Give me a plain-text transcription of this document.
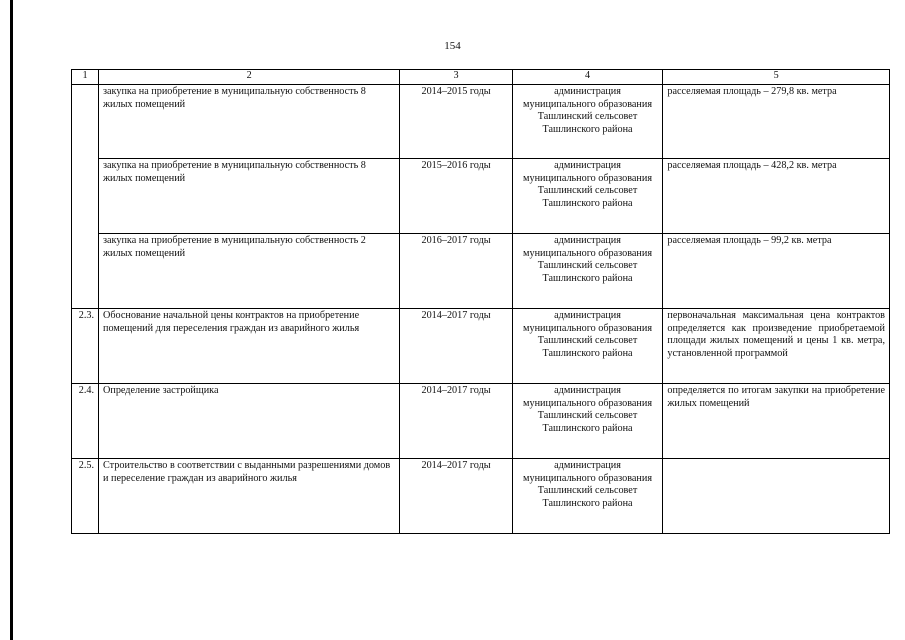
154
1	2	3	4	5
	закупка на приобретение в муниципальную собственность 8 жилых помещений	2014–2015 годы	администрация муниципального образования Ташлинский сельсовет Ташлинского района	расселяемая площадь – 279,8 кв. метра
	закупка на приобретение в муниципальную собственность 8 жилых помещений	2015–2016 годы	администрация муниципального образования Ташлинский сельсовет Ташлинского района	расселяемая площадь – 428,2 кв. метра
	закупка на приобретение в муниципальную собственность 2 жилых помещений	2016–2017 годы	администрация муниципального образования Ташлинский сельсовет Ташлинского района	расселяемая площадь – 99,2 кв. метра
2.3.	Обоснование начальной цены контрактов на приобретение помещений для переселения граждан из аварийного жилья	2014–2017 годы	администрация муниципального образования Ташлинский сельсовет Ташлинского района	первоначальная максимальная цена контрактов определяется как произведение приобретаемой площади жилых помещений и цены 1 кв. метра, установленной программой
2.4.	Определение застройщика	2014–2017 годы	администрация муниципального образования Ташлинский сельсовет Ташлинского района	определяется по итогам закупки на приобретение жилых помещений
2.5.	Строительство в соответствии с выданными разрешениями домов и переселение граждан из аварийного жилья	2014–2017 годы	администрация муниципального образования Ташлинский сельсовет Ташлинского района	
